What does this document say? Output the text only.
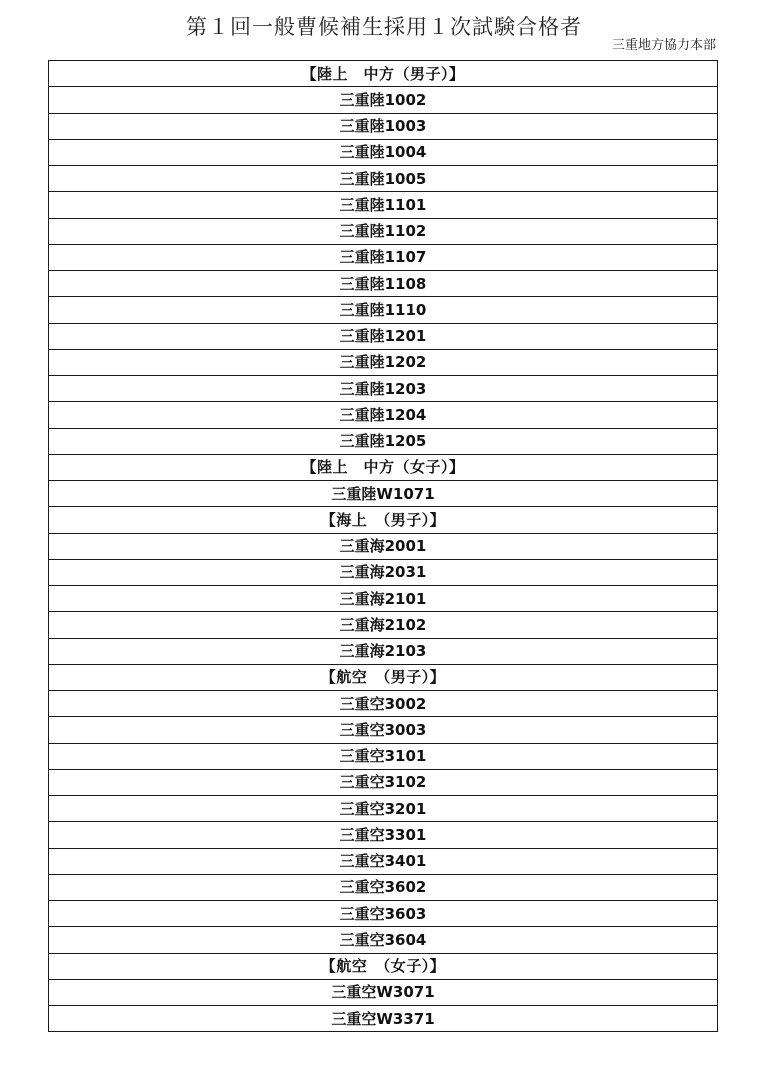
第１回一般曹候補生採用１次試験合格者
三重地方協力本部
【陸上　中方（男子）】
三重陸1002
三重陸1003
三重陸1004
三重陸1005
三重陸1101
三重陸1102
三重陸1107
三重陸1108
三重陸1110
三重陸1201
三重陸1202
三重陸1203
三重陸1204
三重陸1205
【陸上　中方（女子）】
三重陸W1071
【海上　（男子）】
三重海2001
三重海2031
三重海2101
三重海2102
三重海2103
【航空　（男子）】
三重空3002
三重空3003
三重空3101
三重空3102
三重空3201
三重空3301
三重空3401
三重空3602
三重空3603
三重空3604
【航空　（女子）】
三重空W3071
三重空W3371
